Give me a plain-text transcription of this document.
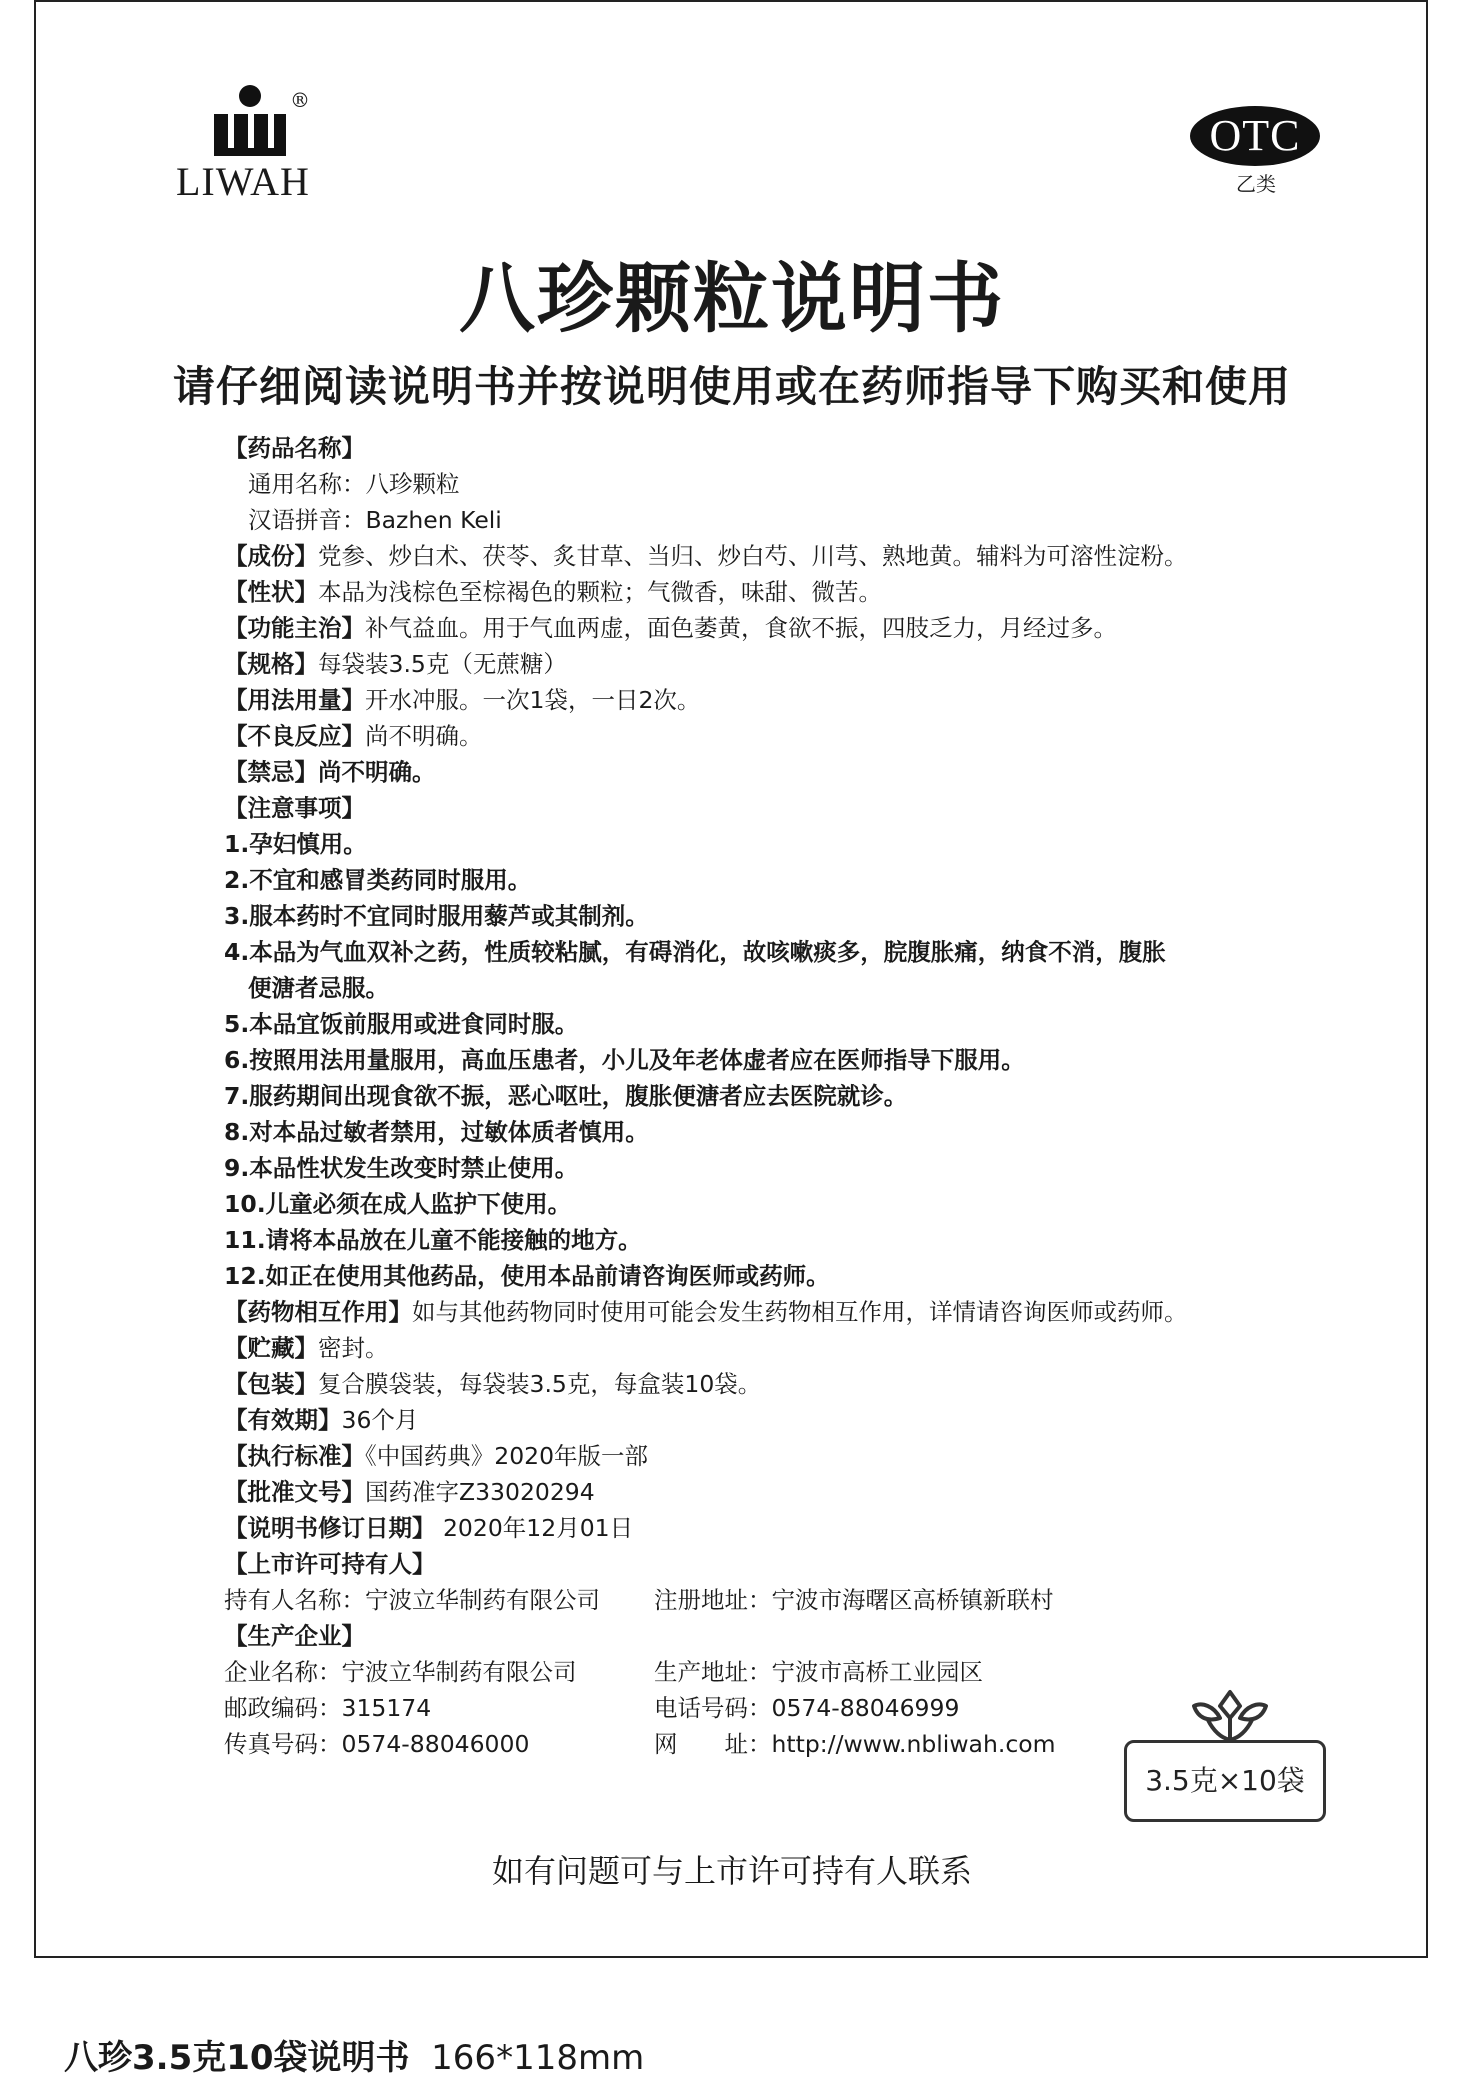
®
LIWAH
OTC
乙类
八珍颗粒说明书
请仔细阅读说明书并按说明使用或在药师指导下购买和使用
【药品名称】
通用名称：八珍颗粒
汉语拼音：Bazhen Keli
【成份】党参、炒白术、茯苓、炙甘草、当归、炒白芍、川芎、熟地黄。辅料为可溶性淀粉。
【性状】本品为浅棕色至棕褐色的颗粒；气微香，味甜、微苦。
【功能主治】补气益血。用于气血两虚，面色萎黄，食欲不振，四肢乏力，月经过多。
【规格】每袋装3.5克（无蔗糖）
【用法用量】开水冲服。一次1袋，一日2次。
【不良反应】尚不明确。
【禁忌】尚不明确。
【注意事项】
1.孕妇慎用。
2.不宜和感冒类药同时服用。
3.服本药时不宜同时服用藜芦或其制剂。
4.本品为气血双补之药，性质较粘腻，有碍消化，故咳嗽痰多，脘腹胀痛，纳食不消，腹胀
便溏者忌服。
5.本品宜饭前服用或进食同时服。
6.按照用法用量服用，高血压患者，小儿及年老体虚者应在医师指导下服用。
7.服药期间出现食欲不振，恶心呕吐，腹胀便溏者应去医院就诊。
8.对本品过敏者禁用，过敏体质者慎用。
9.本品性状发生改变时禁止使用。
10.儿童必须在成人监护下使用。
11.请将本品放在儿童不能接触的地方。
12.如正在使用其他药品，使用本品前请咨询医师或药师。
【药物相互作用】如与其他药物同时使用可能会发生药物相互作用，详情请咨询医师或药师。
【贮藏】密封。
【包装】复合膜袋装，每袋装3.5克，每盒装10袋。
【有效期】36个月
【执行标准】《中国药典》2020年版一部
【批准文号】国药准字Z33020294
【说明书修订日期】 2020年12月01日
【上市许可持有人】
持有人名称：宁波立华制药有限公司	注册地址：宁波市海曙区高桥镇新联村
【生产企业】
企业名称：宁波立华制药有限公司	生产地址：宁波市高桥工业园区
邮政编码：315174	电话号码：0574-88046999
传真号码：0574-88046000	网　　址：http://www.nbliwah.com
3.5克×10袋
如有问题可与上市许可持有人联系
八珍3.5克10袋说明书 166*118mm
